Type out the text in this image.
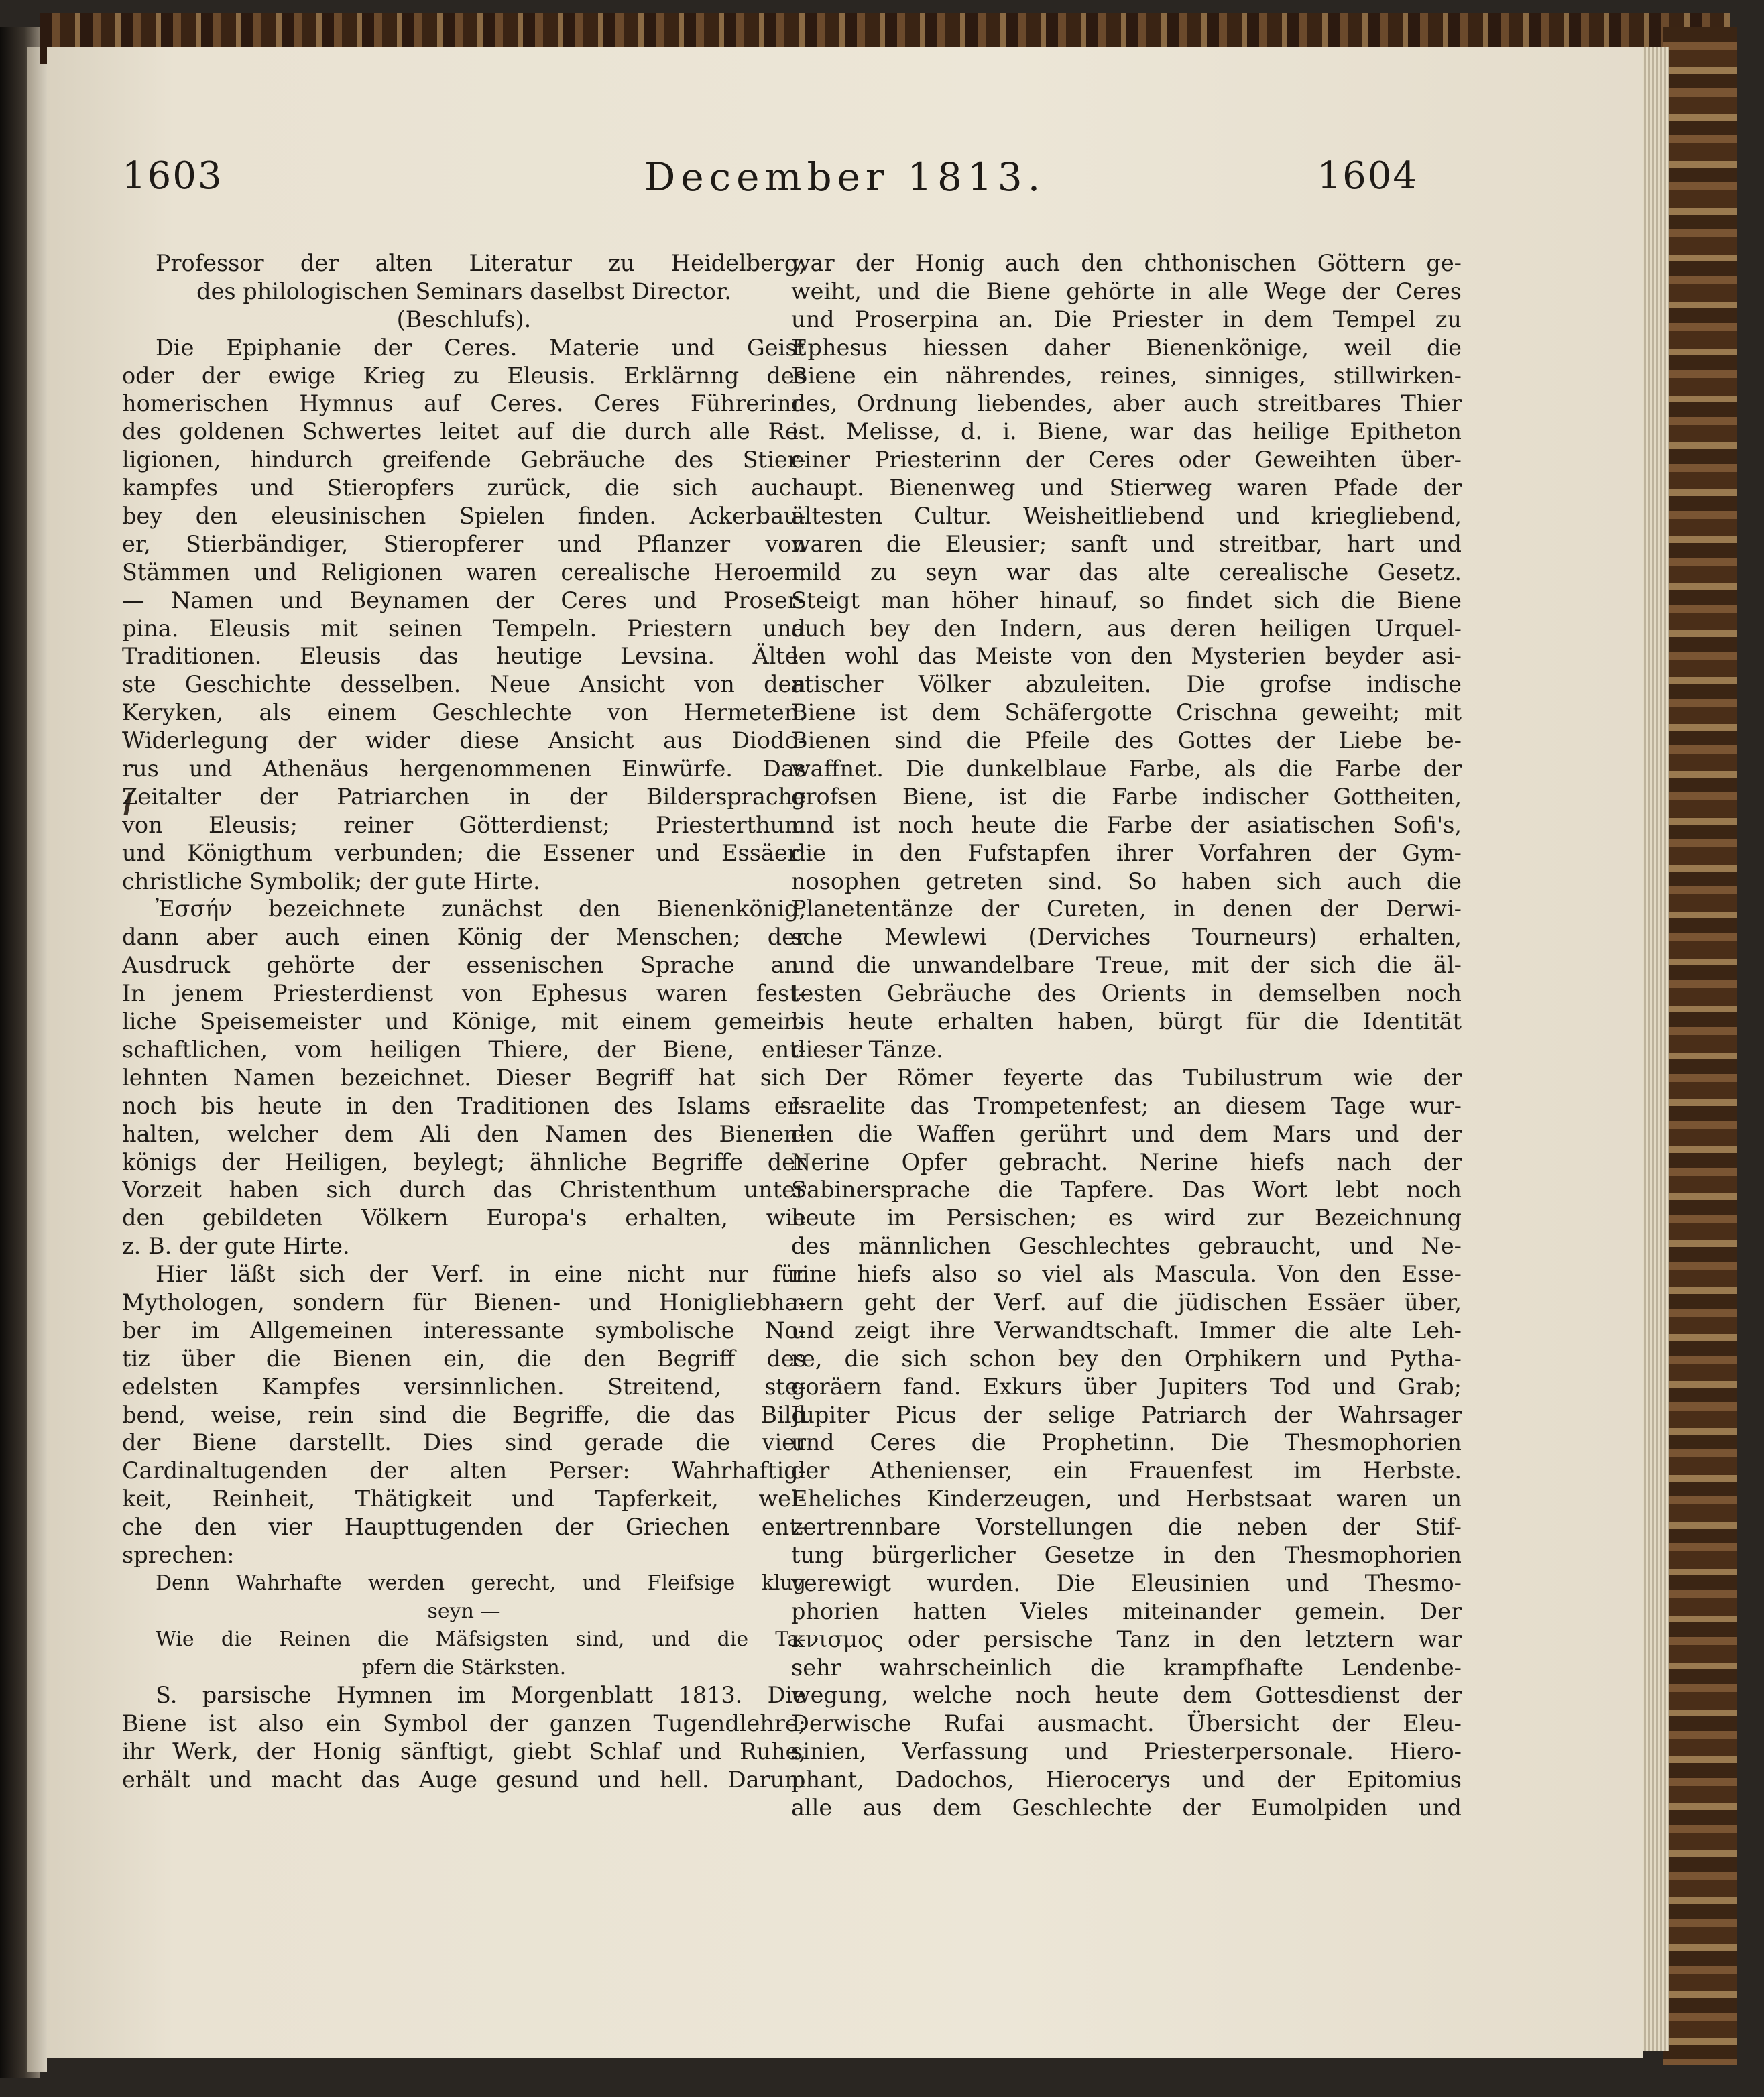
1603	December 1813.	1604
Professor der alten Literatur zu Heidelberg,
des philologischen Seminars daselbst Director.
(Beschlufs).
Die Epiphanie der Ceres. Materie und Geist
oder der ewige Krieg zu Eleusis. Erklärnng des
homerischen Hymnus auf Ceres. Ceres Führerinn
des goldenen Schwertes leitet auf die durch alle Re-
ligionen, hindurch greifende Gebräuche des Stier-
kampfes und Stieropfers zurück, die sich auch
bey den eleusinischen Spielen finden. Ackerbau-
er, Stierbändiger, Stieropferer und Pflanzer von
Stämmen und Religionen waren cerealische Heroen.
— Namen und Beynamen der Ceres und Proser-
pina. Eleusis mit seinen Tempeln. Priestern und
Traditionen. Eleusis das heutige Levsina. Älte-
ste Geschichte desselben. Neue Ansicht von den
Keryken, als einem Geschlechte von Hermeten.
Widerlegung der wider diese Ansicht aus Diodo-
rus und Athenäus hergenommenen Einwürfe. Das
Zeitalter der Patriarchen in der Bildersprache
von Eleusis; reiner Götterdienst; Priesterthum
und Königthum verbunden; die Essener und Essäer:
christliche Symbolik; der gute Hirte.
Ἐσσήν bezeichnete zunächst den Bienenkönig,
dann aber auch einen König der Menschen; der
Ausdruck gehörte der essenischen Sprache an.
In jenem Priesterdienst von Ephesus waren fest-
liche Speisemeister und Könige, mit einem gemein-
schaftlichen, vom heiligen Thiere, der Biene, ent-
lehnten Namen bezeichnet. Dieser Begriff hat sich
noch bis heute in den Traditionen des Islams er-
halten, welcher dem Ali den Namen des Bienen-
königs der Heiligen, beylegt; ähnliche Begriffe der
Vorzeit haben sich durch das Christenthum unter
den gebildeten Völkern Europa's erhalten, wie
z. B. der gute Hirte.
Hier läßt sich der Verf. in eine nicht nur für
Mythologen, sondern für Bienen- und Honigliebha-
ber im Allgemeinen interessante symbolische No-
tiz über die Bienen ein, die den Begriff des
edelsten Kampfes versinnlichen. Streitend, ste-
bend, weise, rein sind die Begriffe, die das Bild
der Biene darstellt. Dies sind gerade die vier
Cardinaltugenden der alten Perser: Wahrhaftig-
keit, Reinheit, Thätigkeit und Tapferkeit, wel-
che den vier Haupttugenden der Griechen ent-
sprechen:
Denn Wahrhafte werden gerecht, und Fleifsige klug
seyn —
Wie die Reinen die Mäfsigsten sind, und die Ta-
pfern die Stärksten.
S. parsische Hymnen im Morgenblatt 1813. Die
Biene ist also ein Symbol der ganzen Tugendlehre;
ihr Werk, der Honig sänftigt, giebt Schlaf und Ruhe,
erhält und macht das Auge gesund und hell. Darum
war der Honig auch den chthonischen Göttern ge-
weiht, und die Biene gehörte in alle Wege der Ceres
und Proserpina an. Die Priester in dem Tempel zu
Ephesus hiessen daher Bienenkönige, weil die
Biene ein nährendes, reines, sinniges, stillwirken-
des, Ordnung liebendes, aber auch streitbares Thier
ist. Melisse, d. i. Biene, war das heilige Epitheton
einer Priesterinn der Ceres oder Geweihten über-
haupt. Bienenweg und Stierweg waren Pfade der
ältesten Cultur. Weisheitliebend und kriegliebend,
waren die Eleusier; sanft und streitbar, hart und
mild zu seyn war das alte cerealische Gesetz.
Steigt man höher hinauf, so findet sich die Biene
auch bey den Indern, aus deren heiligen Urquel-
len wohl das Meiste von den Mysterien beyder asi-
atischer Völker abzuleiten. Die grofse indische
Biene ist dem Schäfergotte Crischna geweiht; mit
Bienen sind die Pfeile des Gottes der Liebe be-
waffnet. Die dunkelblaue Farbe, als die Farbe der
grofsen Biene, ist die Farbe indischer Gottheiten,
und ist noch heute die Farbe der asiatischen Sofi's,
die in den Fufstapfen ihrer Vorfahren der Gym-
nosophen getreten sind. So haben sich auch die
Planetentänze der Cureten, in denen der Derwi-
sche Mewlewi (Derviches Tourneurs) erhalten,
und die unwandelbare Treue, mit der sich die äl-
testen Gebräuche des Orients in demselben noch
bis heute erhalten haben, bürgt für die Identität
dieser Tänze.
Der Römer feyerte das Tubilustrum wie der
Israelite das Trompetenfest; an diesem Tage wur-
den die Waffen gerührt und dem Mars und der
Nerine Opfer gebracht. Nerine hiefs nach der
Sabinersprache die Tapfere. Das Wort lebt noch
heute im Persischen; es wird zur Bezeichnung
des männlichen Geschlechtes gebraucht, und Ne-
rine hiefs also so viel als Mascula. Von den Esse-
nern geht der Verf. auf die jüdischen Essäer über,
und zeigt ihre Verwandtschaft. Immer die alte Leh-
re, die sich schon bey den Orphikern und Pytha-
goräern fand. Exkurs über Jupiters Tod und Grab;
Jupiter Picus der selige Patriarch der Wahrsager
und Ceres die Prophetinn. Die Thesmophorien
der Athenienser, ein Frauenfest im Herbste.
Eheliches Kinderzeugen, und Herbstsaat waren un
zertrennbare Vorstellungen die neben der Stif-
tung bürgerlicher Gesetze in den Thesmophorien
verewigt wurden. Die Eleusinien und Thesmo-
phorien hatten Vieles miteinander gemein. Der
κνισμος oder persische Tanz in den letztern war
sehr wahrscheinlich die krampfhafte Lendenbe-
wegung, welche noch heute dem Gottesdienst der
Derwische Rufai ausmacht. Übersicht der Eleu-
sinien, Verfassung und Priesterpersonale. Hiero-
phant, Dadochos, Hierocerys und der Epitomius
alle aus dem Geschlechte der Eumolpiden und
